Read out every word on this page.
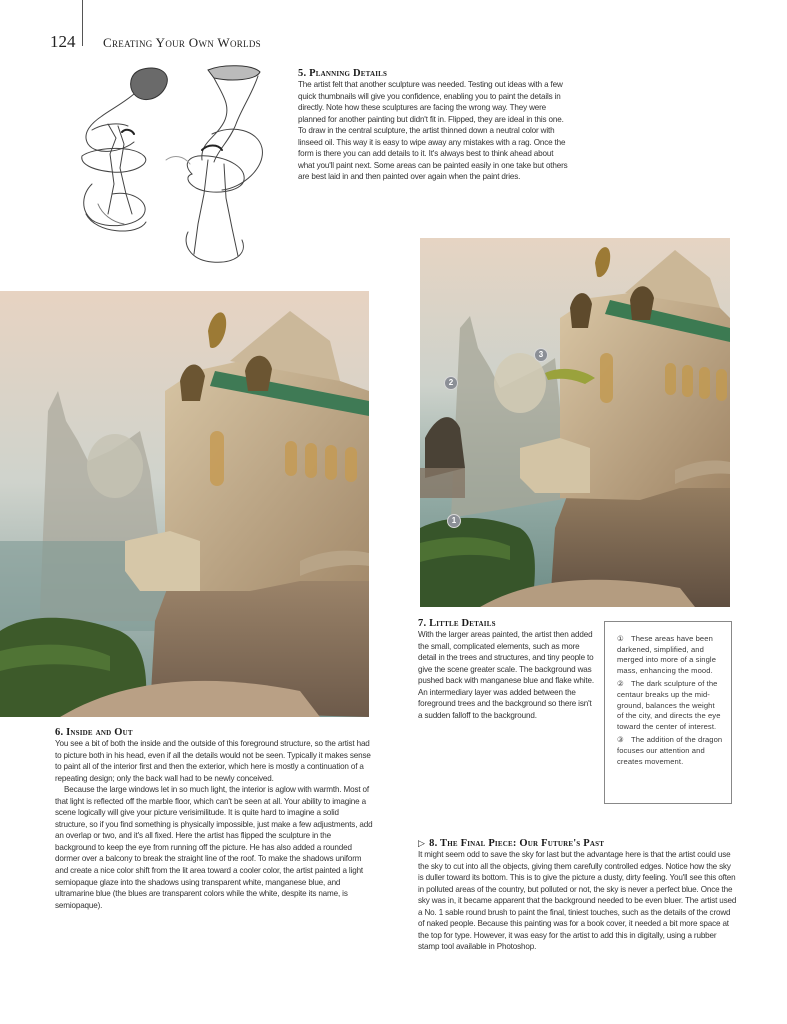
124 Creating Your Own Worlds
5. Planning Details

The artist felt that another sculpture was needed. Testing out ideas with a few quick thumbnails will give you confidence, enabling you to paint the details in directly. Note how these sculptures are facing the wrong way. They were planned for another painting but didn't fit in. Flipped, they are ideal in this one. To draw in the central sculpture, the artist thinned down a neutral color with linseed oil. This way it is easy to wipe away any mistakes with a rag. Once the form is there you can add details to it. It's always best to think ahead about what you'll paint next. Some areas can be painted easily in one take but others are best laid in and then painted over again when the paint dries.

2
3
1
6. Inside and Out

You see a bit of both the inside and the outside of this foreground structure, so the artist had to picture both in his head, even if all the details would not be seen. Typically it makes sense to paint all of the interior first and then the exterior, which here is mostly a continuation of a repeating design; only the back wall had to be newly conceived.

Because the large windows let in so much light, the interior is aglow with warmth. Most of that light is reflected off the marble floor, which can't be seen at all. Your ability to imagine a scene logically will give your picture verisimilitude. It is quite hard to imagine a solid structure, so if you find something is physically impossible, just make a few adjustments, add an overlap or two, and it's all fixed. Here the artist has flipped the sculpture in the background to keep the eye from running off the picture. He has also added a rounded dormer over a balcony to break the straight line of the roof. To make the shadows uniform and create a nice color shift from the lit area toward a cooler color, the artist painted a light semiopaque glaze into the shadows using transparent white, manganese blue, and ultramarine blue (the blues are transparent colors while the white, despite its name, is semiopaque).

7. Little Details

With the larger areas painted, the artist then added the small, complicated elements, such as more detail in the trees and structures, and tiny people to give the scene greater scale. The background was pushed back with manganese blue and flake white. An intermediary layer was added between the foreground trees and the background so there isn't a sudden falloff to the background.

① These areas have been darkened, simplified, and merged into more of a single mass, enhancing the mood.
② The dark sculpture of the centaur breaks up the mid-ground, balances the weight of the city, and directs the eye toward the center of interest.
③ The addition of the dragon focuses our attention and creates movement.
▷ 8. The Final Piece: Our Future's Past

It might seem odd to save the sky for last but the advantage here is that the artist could use the sky to cut into all the objects, giving them carefully controlled edges. Notice how the sky is duller toward its bottom. This is to give the picture a dusty, dirty feeling. You'll see this often in polluted areas of the country, but polluted or not, the sky is never a perfect blue. Once the sky was in, it became apparent that the background needed to be even bluer. The artist used a No. 1 sable round brush to paint the final, tiniest touches, such as the details of the crowd of naked people. Because this painting was for a book cover, it needed a bit more space at the top for type. However, it was easy for the artist to add this in digitally, using a rubber stamp tool available in Photoshop.
